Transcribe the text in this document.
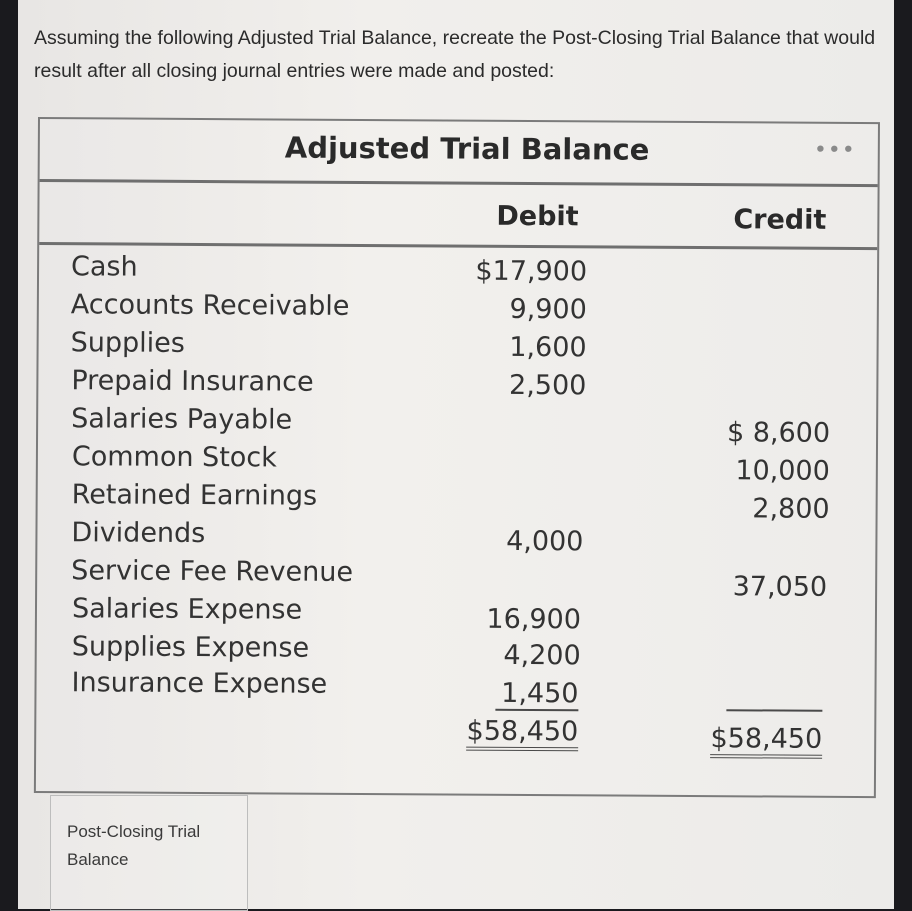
Assuming the following Adjusted Trial Balance, recreate the Post-Closing Trial Balance that would result after all closing journal entries were made and posted:
Adjusted Trial Balance	•••
Debit	Credit
Cash
Accounts Receivable
Supplies
Prepaid Insurance
Salaries Payable
Common Stock
Retained Earnings
Dividends
Service Fee Revenue
Salaries Expense
Supplies Expense
Insurance Expense
$17,900
9,900
1,600
2,500
4,000
16,900
4,200
1,450
$58,450
$ 8,600
10,000
2,800
37,050
$58,450
Post-Closing Trial Balance
